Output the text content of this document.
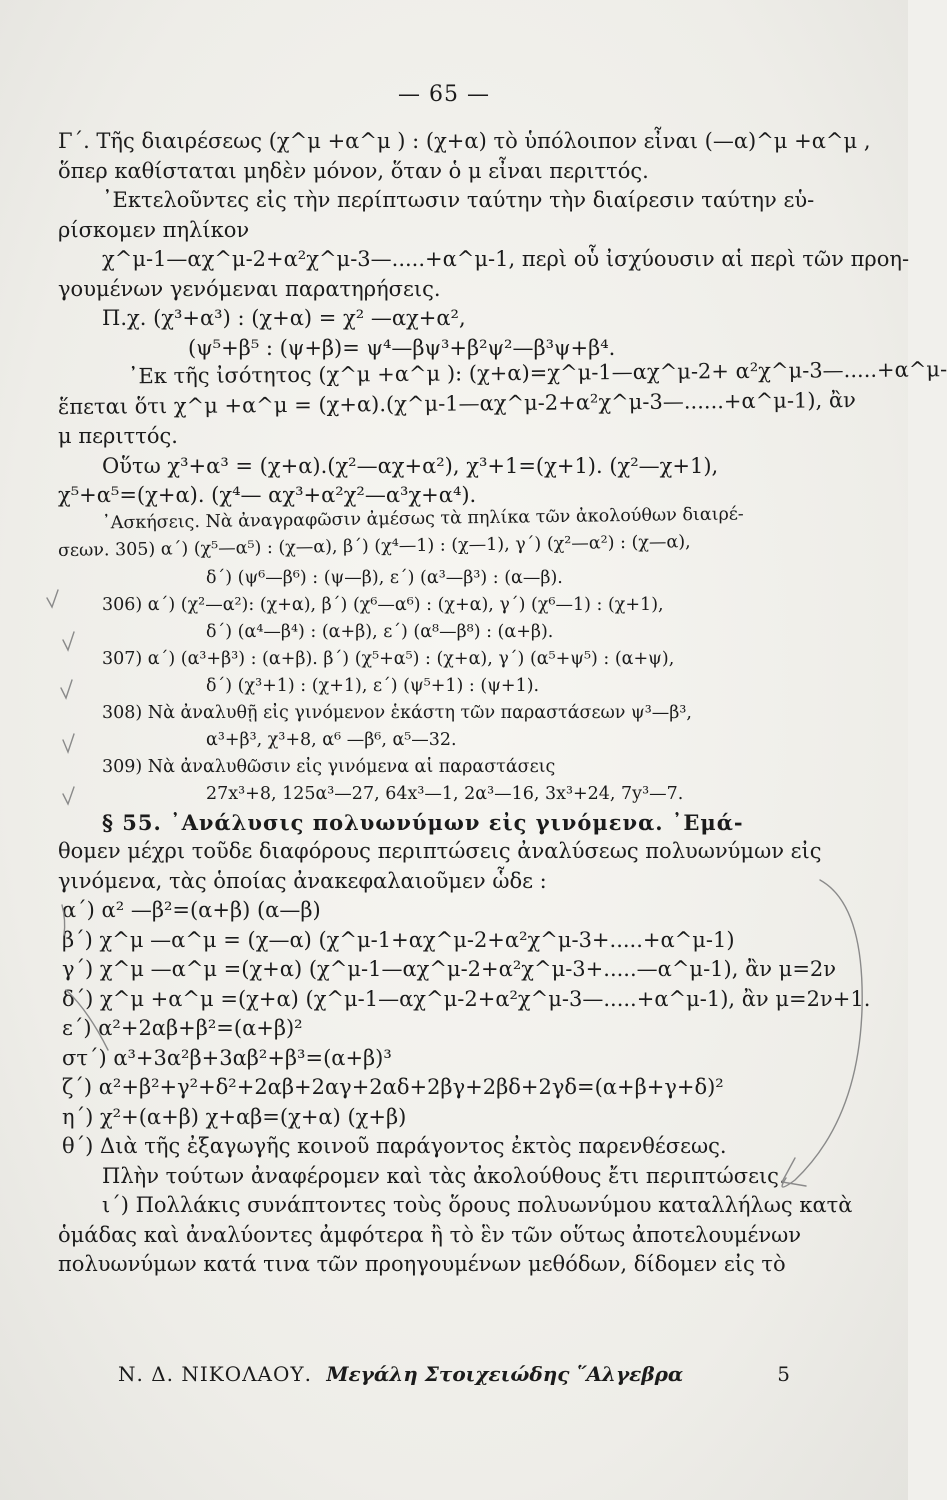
— 65 —
Γ΄. Τῆς διαιρέσεως (χ^μ +α^μ ) : (χ+α) τὸ ὑπόλοιπον εἶναι (—α)^μ +α^μ ,
ὅπερ καθίσταται μηδὲν μόνον, ὅταν ὁ μ εἶναι περιττός.
᾿Εκτελοῦντες εἰς τὴν περίπτωσιν ταύτην τὴν διαίρεσιν ταύτην εὑ-
ρίσκομεν πηλίκον
χ^μ-1—αχ^μ-2+α²χ^μ-3—.....+α^μ-1, περὶ οὗ ἰσχύουσιν αἱ περὶ τῶν προη-
γουμένων γενόμεναι παρατηρήσεις.
Π.χ. (χ³+α³) : (χ+α) = χ² —αχ+α²,
(ψ⁵+β⁵ : (ψ+β)= ψ⁴—βψ³+β²ψ²—β³ψ+β⁴.
᾿Εκ τῆς ἰσότητος (χ^μ +α^μ ): (χ+α)=χ^μ-1—αχ^μ-2+ α²χ^μ-3—.....+α^μ-
ἕπεται ὅτι χ^μ +α^μ = (χ+α).(χ^μ-1—αχ^μ-2+α²χ^μ-3—......+α^μ-1), ἂν
μ περιττός.
Οὕτω χ³+α³ = (χ+α).(χ²—αχ+α²), χ³+1=(χ+1). (χ²—χ+1),
χ⁵+α⁵=(χ+α). (χ⁴— αχ³+α²χ²—α³χ+α⁴).
᾿Ασκήσεις. Νὰ ἀναγραφῶσιν ἀμέσως τὰ πηλίκα τῶν ἀκολούθων διαιρέ-
σεων. 305) α΄) (χ⁵—α⁵) : (χ—α), β΄) (χ⁴—1) : (χ—1), γ΄) (χ²—α²) : (χ—α),
δ΄) (ψ⁶—β⁶) : (ψ—β), ε΄) (α³—β³) : (α—β).
306) α΄) (χ²—α²): (χ+α), β΄) (χ⁶—α⁶) : (χ+α), γ΄) (χ⁶—1) : (χ+1),
δ΄) (α⁴—β⁴) : (α+β), ε΄) (α⁸—β⁸) : (α+β).
307) α΄) (α³+β³) : (α+β). β΄) (χ⁵+α⁵) : (χ+α), γ΄) (α⁵+ψ⁵) : (α+ψ),
δ΄) (χ³+1) : (χ+1), ε΄) (ψ⁵+1) : (ψ+1).
308) Νὰ ἀναλυθῇ εἰς γινόμενον ἑκάστη τῶν παραστάσεων ψ³—β³,
α³+β³, χ³+8, α⁶ —β⁶, α⁵—32.
309) Νὰ ἀναλυθῶσιν εἰς γινόμενα αἱ παραστάσεις
27x³+8, 125α³—27, 64x³—1, 2α³—16, 3x³+24, 7y³—7.
§ 55. ᾿Ανάλυσις πολυωνύμων εἰς γινόμενα. ᾿Εμά-
θομεν μέχρι τοῦδε διαφόρους περιπτώσεις ἀναλύσεως πολυωνύμων εἰς
γινόμενα, τὰς ὁποίας ἀνακεφαλαιοῦμεν ὧδε :
α΄) α² —β²=(α+β) (α—β)
β΄) χ^μ —α^μ = (χ—α) (χ^μ-1+αχ^μ-2+α²χ^μ-3+.....+α^μ-1)
γ΄) χ^μ —α^μ =(χ+α) (χ^μ-1—αχ^μ-2+α²χ^μ-3+.....—α^μ-1), ἂν μ=2ν
δ΄) χ^μ +α^μ =(χ+α) (χ^μ-1—αχ^μ-2+α²χ^μ-3—.....+α^μ-1), ἂν μ=2ν+1.
ε΄) α²+2αβ+β²=(α+β)²
στ΄) α³+3α²β+3αβ²+β³=(α+β)³
ζ΄) α²+β²+γ²+δ²+2αβ+2αγ+2αδ+2βγ+2βδ+2γδ=(α+β+γ+δ)²
η΄) χ²+(α+β) χ+αβ=(χ+α) (χ+β)
θ΄) Διὰ τῆς ἐξαγωγῆς κοινοῦ παράγοντος ἐκτὸς παρενθέσεως.
Πλὴν τούτων ἀναφέρομεν καὶ τὰς ἀκολούθους ἔτι περιπτώσεις.
ι΄) Πολλάκις συνάπτοντες τοὺς ὅρους πολυωνύμου καταλλήλως κατὰ
ὁμάδας καὶ ἀναλύοντες ἀμφότερα ἢ τὸ ἓν τῶν οὕτως ἀποτελουμένων
πολυωνύμων κατά τινα τῶν προηγουμένων μεθόδων, δίδομεν εἰς τὸ
Ν. Δ. ΝΙΚΟΛΑΟΥ. Μεγάλη Στοιχειώδης ῞Αλγεβρα	5
